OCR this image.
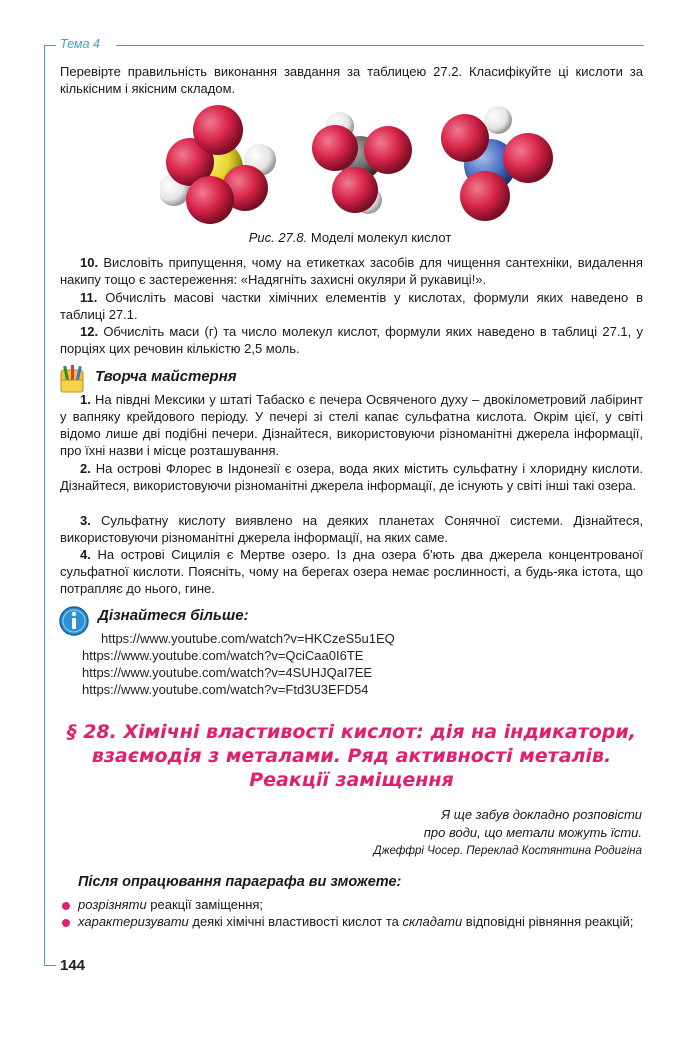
Тема 4

Перевірте правильність виконання завдання за таблицею 27.2. Класифікуйте ці кислоти за кількісним і якісним складом.

Рис. 27.8. Моделі молекул кислот

10. Висловіть припущення, чому на етикетках засобів для чищення сантехніки, видалення накипу тощо є застереження: «Надягніть захисні окуляри й рукавиці!».

11. Обчисліть масові частки хімічних елементів у кислотах, формули яких наведено в таблиці 27.1.

12. Обчисліть маси (г) та число молекул кислот, формули яких наведено в таблиці 27.1, у порціях цих речовин кількістю 2,5 моль.

Творча майстерня

1. На півдні Мексики у штаті Табаско є печера Освяченого духу – двокілометровий лабіринт у вапняку крейдового періоду. У печері зі стелі капає сульфатна кислота. Окрім цієї, у світі відомо лише дві подібні печери. Дізнайтеся, використовуючи різноманітні джерела інформації, про їхні назви і місце розташування.

2. На острові Флорес в Індонезії є озера, вода яких містить сульфатну і хлоридну кислоти. Дізнайтеся, використовуючи різноманітні джерела інформації, де існують у світі інші такі озера.

3. Сульфатну кислоту виявлено на деяких планетах Сонячної системи. Дізнайтеся, використовуючи різноманітні джерела інформації, на яких саме.

4. На острові Сицилія є Мертве озеро. Із дна озера б'ють два джерела концентрованої сульфатної кислоти. Поясніть, чому на берегах озера немає рослинності, а будь-яка істота, що потрапляє до нього, гине.

Дізнайтеся більше:
https://www.youtube.com/watch?v=HKCzeS5u1EQ
https://www.youtube.com/watch?v=QciCaa0I6TE
https://www.youtube.com/watch?v=4SUHJQaI7EE
https://www.youtube.com/watch?v=Ftd3U3EFD54
§ 28. Хімічні властивості кислот: дія на індикатори,
взаємодія з металами. Ряд активності металів.
Реакції заміщення
Я ще забув докладно розповісти
про води, що метали можуть їсти.
Джеффрі Чосер. Переклад Костянтина Родигіна
Після опрацювання параграфа ви зможете:
розрізняти реакції заміщення;
характеризувати деякі хімічні властивості кислот та складати відповідні рівняння реакцій;
144
